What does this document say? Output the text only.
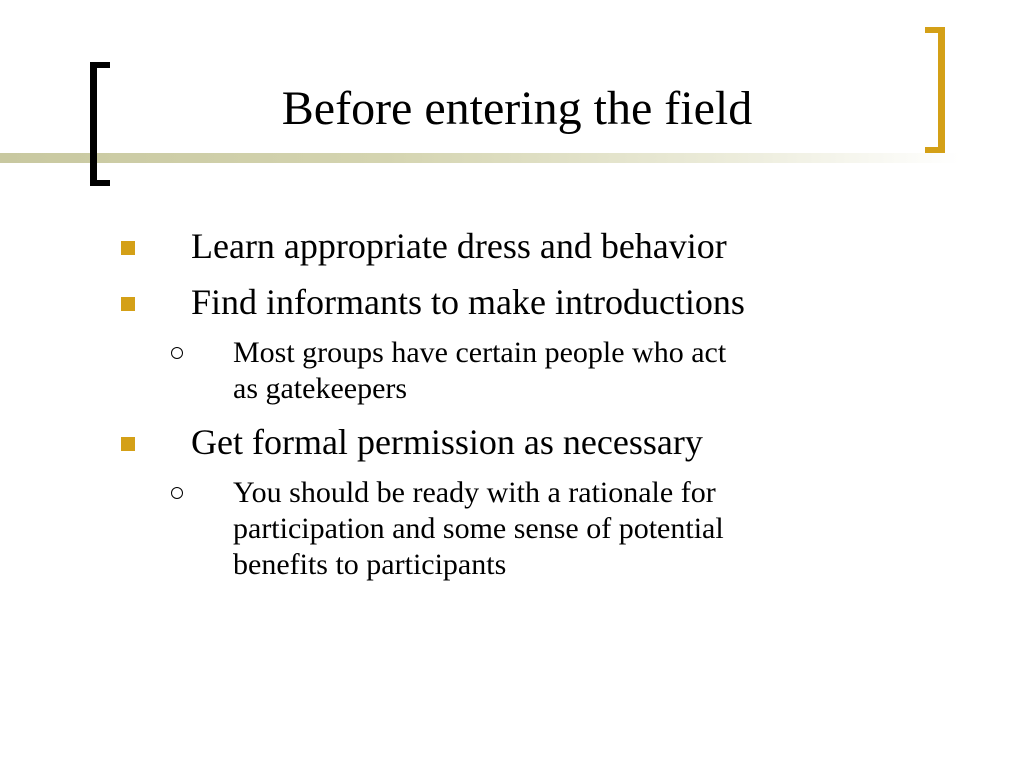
Before entering the field
Learn appropriate dress and behavior
Find informants to make introductions
Most groups have certain people who act
as gatekeepers
Get formal permission as necessary
You should be ready with a rationale for
participation and some sense of potential
benefits to participants
